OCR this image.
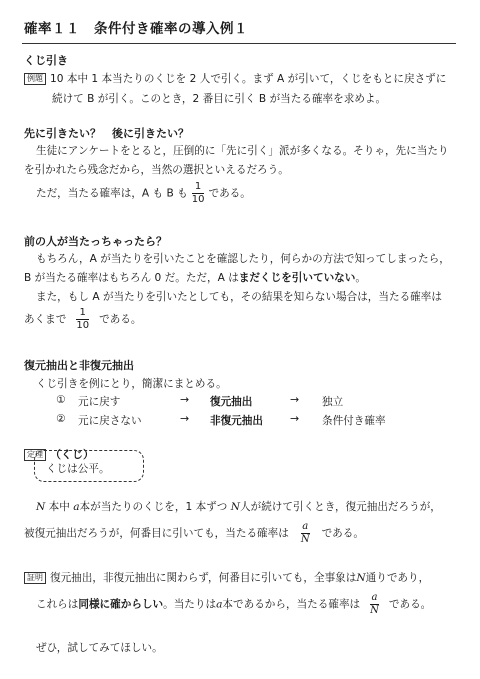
確率１１　条件付き確率の導入例１
くじ引き
例題 10 本中 1 本当たりのくじを 2 人で引く。まず A が引いて，くじをもとに戻さずに
続けて B が引く。このとき，2 番目に引く B が当たる確率を求めよ。
先に引きたい？　後に引きたい？
生徒にアンケートをとると，圧倒的に「先に引く」派が多くなる。そりゃ，先に当たり
を引かれたら残念だから，当然の選択といえるだろう。
ただ，当たる確率は，A も B も $\frac{1}{10}$ である。
前の人が当たっちゃったら？
もちろん，A が当たりを引いたことを確認したり，何らかの方法で知ってしまったら，
B が当たる確率はもちろん 0 だ。ただ，A はまだくじを引いていない。
また，もし A が当たりを引いたとしても，その結果を知らない場合は，当たる確率は
あくまで $\frac{1}{10}$ である。
復元抽出と非復元抽出
くじ引きを例にとり，簡潔にまとめる。
① 元に戻す	→ 復元抽出	→ 独立
② 元に戻さない	→ 非復元抽出 → 条件付き確率
定理 （くじ）
くじは公平。
N 本中 a本が当たりのくじを，1 本ずつ N人が続けて引くとき，復元抽出だろうが，
被復元抽出だろうが，何番目に引いても，当たる確率は $\frac{a}{N}$ である。
証明 復元抽出，非復元抽出に関わらず，何番目に引いても，全事象はN通りであり，
これらは同様に確からしい。当たりはa本であるから，当たる確率は $\frac{a}{N}$ である。
ぜひ，試してみてほしい。
